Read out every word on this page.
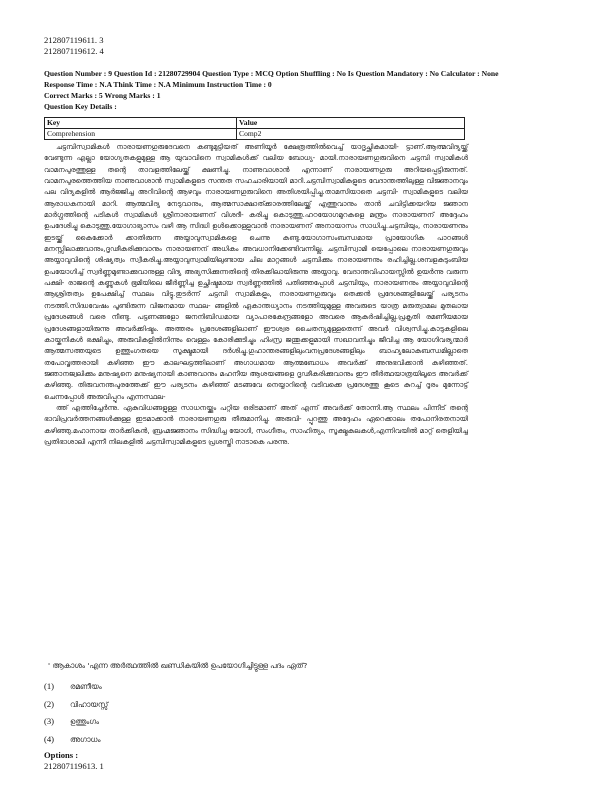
212807119611. 3
212807119612. 4
Question Number : 9 Question Id : 21280729904 Question Type : MCQ Option Shuffling : No Is Question Mandatory : No Calculator : None
Response Time : N.A Think Time : N.A Minimum Instruction Time : 0
Correct Marks : 5 Wrong Marks : 1
Question Key Details :
Key	Value
Comprehension	Comp2

ചട്ടമ്പിസ്വാമികൾ നാരായണഗുരുദേവനെ കണ്ടുമുട്ടിയത് അണിയൂർ ക്ഷേത്രത്തിൽവെച്ച് യാദൃച്ഛികമായി- ട്ടാണ്.ആത്മവിദ്യയ്ക്ക് വേണ്ടുന്ന എല്ലാ യോഗ്യതകളുമുള്ള ആ യുവാവിനെ സ്വാമികൾക്ക് വലിയ ബോധ്യ- മായി.നാരായണഗുരുവിനെ ചട്ടമ്പി സ്വാമികൾ വാമനപുരത്തുള്ള തന്റെ താവളത്തിലേയ്ക്ക് ക്ഷണിച്ചു. നാണുവാശാൻ എന്നാണ് നാരായണഗുരു അറിയപ്പെട്ടിരുന്നത്. വാമനപുരത്തെത്തിയ നാണുവാശാൻ സ്വാമികളുടെ സന്തത സഹചാരിയായി മാറി.ചട്ടമ്പിസ്വാമികളുടെ വേദാന്തത്തിലുള്ള വിജ്ഞാനവും പല വിദ്യകളിൽ ആർജ്ജിച്ച അറിവിന്റെ ആഴവും നാരായണഗുരുവിനെ അതിശയിപ്പിച്ചു.താമസിയാതെ ചട്ടമ്പി- സ്വാമികളുടെ വലിയ ആരാധകനായി മാറി. ആത്മവിദ്യ നേടുവാനും, ആത്മസാക്ഷാത്ക്കാരത്തിലേയ്ക്ക് എത്തുവാനും താൻ ചവിട്ടിക്കയറിയ ജ്ഞാന മാർഗ്ഗത്തിന്റെ പടികൾ സ്വാമികൾ ശ്രീനാരായണന് വിശദീ- കരിച്ചു കൊടുത്തു.ഹഠയോഗമുറകളെ മന്ത്രം നാരായണന് അദ്ദേഹം ഉപദേശിച്ചു കൊടുത്തു.യോഗാഭ്യാസം വഴി ആ സിദ്ധി ഉൾക്കൊള്ളുവാൻ നാരായണന് അനായാസം സാധിച്ചു.ചട്ടമ്പിയും, നാരായണനും ഇടയ്ക്ക് കൈക്കോർ ക്കാതിരുന്ന അയ്യാവുസ്വാമികളെ ചെന്നു കണ്ടു.യോഗാസംബന്ധമായ പ്രായോഗിക പാഠങ്ങൾ മനസ്സിലാക്കുവാനും,ദൃഢീകരിക്കുവാനും നാരായണന് അധികം അവധാനിക്കേണ്ടിവന്നില്ല. ചട്ടമ്പിസ്വാമി യെപ്പോലെ നാരായണഗുരുവും അയ്യാവുവിന്റെ ശിഷ്യത്വം സ്വീകരിച്ചു.അയ്യാവുസ്വാമിയിലുണ്ടായ ചില മാറ്റങ്ങൾ ചട്ടമ്പിക്കും നാരായണനും രഹിച്ചില്ല.ശമ്പളകുടുംബിയ ഉപയോഗിച്ച് സ്വർണ്ണമുണ്ടാക്കുവാനുള്ള വിദ്യ അഭ്യസിക്കുന്നതിന്റെ തിരക്കിലായിരുന്നു അയ്യാവു. വേദാന്തവിഹായസ്സിൽ ഉയർന്നു വരുന്ന പക്ഷി- രാജന്റെ കണ്ണുകൾ ഭൂമിയിലെ ജീർണ്ണിച്ച ഉച്ഛിഷ്ടമായ സ്വർണ്ണത്തിൽ പതിഞ്ഞപ്പോൾ ചട്ടമ്പിയും, നാരായണനും അയ്യാവുവിന്റെ ആശ്രിതത്വം ഉപേക്ഷിച്ച് സ്ഥലം വിട്ടു.തുടർന്ന് ചട്ടമ്പി സ്വാമികളും, നാരായണഗുരുവും തെക്കൻ പ്രദേശങ്ങളിലേയ്ക്ക് പര്യടനം നടത്തി.സിദ്ധവേഷം പൂണ്ടിരുന്ന വിജനമായ സ്ഥല- ങ്ങളിൽ ഏകാന്തധ്യാനം നടത്തിയുമുള്ള അവരുടെ യാത്ര മരുത്വാമല മുതലായ പ്രദേശങ്ങൾ വരെ നീണ്ടു. പട്ടണങ്ങളോ ജനനിബിഡമായ വ്യാപാരകേന്ദ്രങ്ങളോ അവരെ ആകർഷിച്ചില്ല.പ്രകൃതി രമണീയമായ പ്രദേശങ്ങളായിരുന്നു അവർക്കിഷ്ടം. അത്തരം പ്രദേശങ്ങളിലാണ് ഈശ്വര ചൈതന്യമുള്ളതെന്ന് അവർ വിശ്വസിച്ചു.കാടുകളിലെ കായ്കനികൾ ഭക്ഷിച്ചും, അരുവികളിൽനിന്നും വെള്ളം കോരിക്കുടിച്ചും ഹിംസ്ര ജന്തുക്കളുമായി സഖാവനിച്ചും ജീവിച്ച ആ യോഗിവര്യന്മാർ ആത്മസത്തയുടെ ഉത്തുംഗതയെ സൂക്ഷ്മമായി ദർശിച്ചു.ഗുഹാന്തരങ്ങളിലുംവനപ്രദേശങ്ങളിലും ബാഹ്യലോകബന്ധമില്ലാതെ തപോവൃത്തരായി കഴിഞ്ഞ ഈ കാലഘട്ടത്തിലാണ് അഗാധമായ ആത്മബോധം അവർക്ക് അനുഭവിക്കാൻ കഴിഞ്ഞത്. ജ്ഞാനജ്വലിക്കും മനുഷ്യനെ മനുഷ്യനായി കാണുവാനും മഹനീയ ആശയങ്ങളെ ദൃഢീകരിക്കുവാനും ഈ തീർത്ഥയാത്രയിലൂടെ അവർക്ക് കഴിഞ്ഞു. തിരുവനന്തപുരത്തേക്ക് ഈ പര്യടനം കഴിഞ്ഞ് മടങ്ങവേ നെയ്യാറിന്റെ വടിവക്കെ പ്രദേശത്തു കൂടെ കുറച്ച് ദൂരം മുന്നോട്ട് ചെന്നപ്പോൾ അരുവിപ്പുറം എന്നസ്ഥല-

ത്ത് എത്തിച്ചേർന്നു. ഏകുവിധങ്ങളുള്ള സാധനയ്ക്കും പറ്റിയ ഒരിടമാണ് അത് എന്ന് അവർക്ക് തോന്നി.ആ സ്ഥലം പിന്നീട് തന്റെ ഭാവിപ്രവർത്തനങ്ങൾക്കുള്ള ഇടമാക്കാൻ നാരായണഗുരു തീരുമാനിച്ചു. അരുവി- പ്പുറത്തു അദ്ദേഹം ഏറെക്കാലം തപോനിരതനായി കഴിഞ്ഞു.മഹാനായ താർക്കികൻ, ബ്രഹ്മജ്ഞാനം സിദ്ധിച്ച യോഗി, സംഗീതം, സാഹിത്യം, സൂക്ഷ്മകലകൾ,എന്നിവയിൽ മാറ്റ് തെളിയിച്ച പ്രതിഭാശാലി എന്നീ നിലകളിൽ ചട്ടമ്പിസ്വാമികളുടെ പ്രശസ്തി നാടാകെ പരന്നു.

' ആകാശം 'എന്ന അർത്ഥത്തിൽ ഖണ്ഡികയിൽ ഉപയോഗിച്ചിട്ടുള്ള പദം ഏത്?
(1) രമണീയം
(2) വിഹായസ്സ്
(3) ഉത്തുംഗം
(4) അഗാധം
Options :
212807119613. 1
